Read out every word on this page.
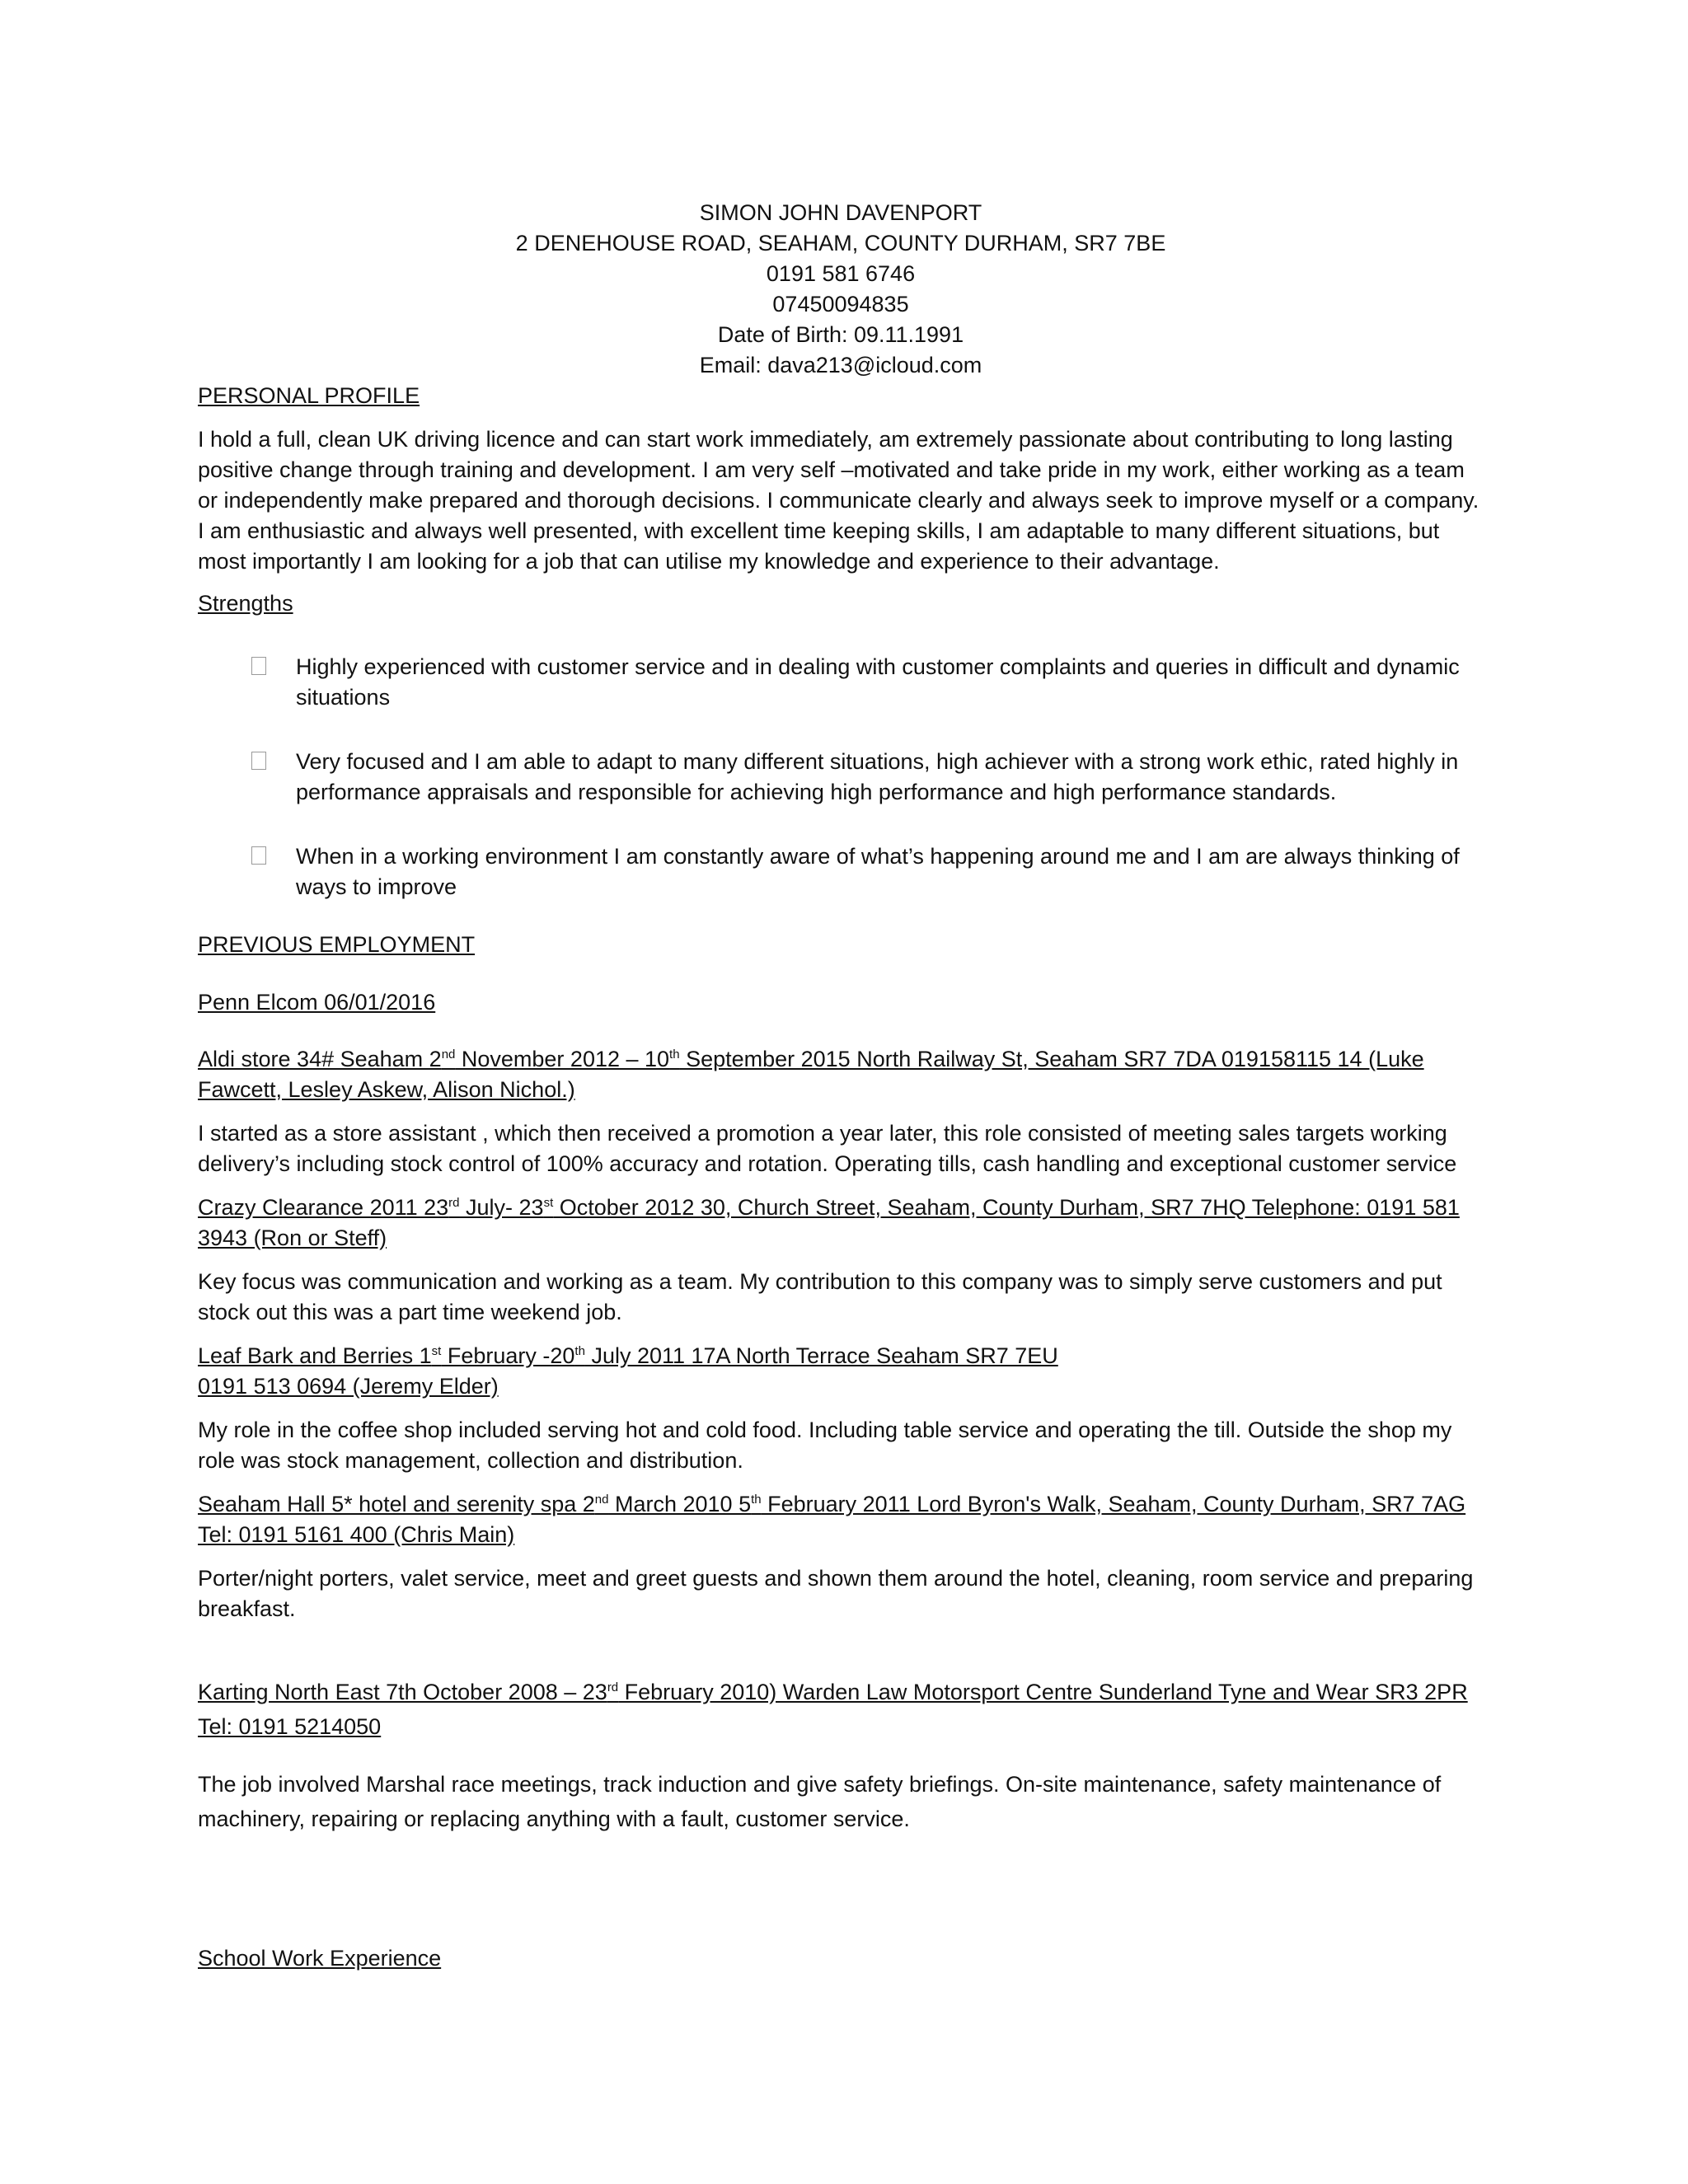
SIMON JOHN DAVENPORT
2 DENEHOUSE ROAD, SEAHAM, COUNTY DURHAM, SR7 7BE
0191 581 6746
07450094835
Date of Birth: 09.11.1991
Email: dava213@icloud.com
PERSONAL PROFILE

I hold a full, clean UK driving licence and can start work immediately, am extremely passionate about contributing to long lasting positive change through training and development. I am very self –motivated and take pride in my work, either working as a team or independently make prepared and thorough decisions. I communicate clearly and always seek to improve myself or a company. I am enthusiastic and always well presented, with excellent time keeping skills, I am adaptable to many different situations, but most importantly I am looking for a job that can utilise my knowledge and experience to their advantage.

Strengths
Highly experienced with customer service and in dealing with customer complaints and queries in difficult and dynamic situations
Very focused and I am able to adapt to many different situations, high achiever with a strong work ethic, rated highly in performance appraisals and responsible for achieving high performance and high performance standards.
When in a working environment I am constantly aware of what’s happening around me and I am are always thinking of ways to improve
PREVIOUS EMPLOYMENT
Penn Elcom 06/01/2016
Aldi store 34# Seaham 2nd November 2012 – 10th September 2015 North Railway St, Seaham SR7 7DA 019158115 14 (Luke Fawcett, Lesley Askew, Alison Nichol.)

I started as a store assistant , which then received a promotion a year later, this role consisted of meeting sales targets working delivery’s including stock control of 100% accuracy and rotation. Operating tills, cash handling and exceptional customer service

Crazy Clearance 2011 23rd July- 23st October 2012 30, Church Street, Seaham, County Durham, SR7 7HQ Telephone: 0191 581 3943 (Ron or Steff)

Key focus was communication and working as a team. My contribution to this company was to simply serve customers and put stock out this was a part time weekend job.

Leaf Bark and Berries 1st February -20th July 2011 17A North Terrace Seaham SR7 7EU
0191 513 0694 (Jeremy Elder)

My role in the coffee shop included serving hot and cold food. Including table service and operating the till. Outside the shop my role was stock management, collection and distribution.

Seaham Hall 5* hotel and serenity spa 2nd March 2010 5th February 2011 Lord Byron's Walk, Seaham, County Durham, SR7 7AG Tel: 0191 5161 400 (Chris Main)

Porter/night porters, valet service, meet and greet guests and shown them around the hotel, cleaning, room service and preparing breakfast.

Karting North East 7th October 2008 – 23rd February 2010) Warden Law Motorsport Centre Sunderland Tyne and Wear SR3 2PR
Tel: 0191 5214050

The job involved Marshal race meetings, track induction and give safety briefings. On-site maintenance, safety maintenance of machinery, repairing or replacing anything with a fault, customer service.

School Work Experience
